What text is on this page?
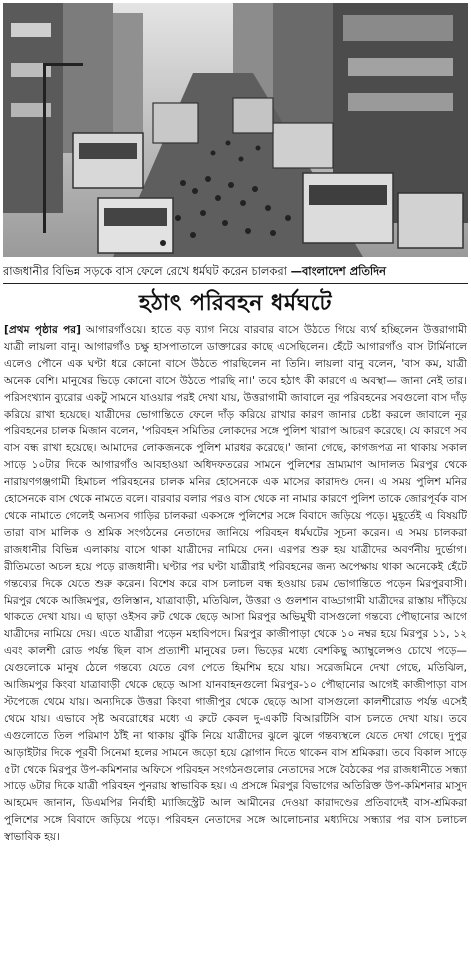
রাজধানীর বিভিন্ন সড়কে বাস ফেলে রেখে ধর্মঘট করেন চালকরা —বাংলাদেশ প্রতিদিন
হঠাৎ পরিবহন ধর্মঘটে

[প্রথম পৃষ্ঠার পর] আগারগাঁওয়ে। হাতে বড় ব্যাগ নিয়ে বারবার বাসে উঠতে গিয়ে ব্যর্থ হচ্ছিলেন উত্তরাগামী যাত্রী লায়লা বানু। আগারগাঁও চক্ষু হাসপাতালে ডাক্তারের কাছে এসেছিলেন। হেঁটে আগারগাঁও বাস টার্মিনালে এলেও পৌনে এক ঘণ্টা ধরে কোনো বাসে উঠতে পারছিলেন না তিনি। লায়লা বানু বলেন, 'বাস কম, যাত্রী অনেক বেশি। মানুষের ভিড়ে কোনো বাসে উঠতে পারছি না।' তবে হঠাৎ কী কারণে এ অবস্থা— জানা নেই তার। পরিসংখ্যান ব্যুরোর একটু সামনে যাওয়ার পরই দেখা যায়, উত্তরাগামী জাবালে নূর পরিবহনের সবগুলো বাস দাঁড় করিয়ে রাখা হয়েছে। যাত্রীদের ভোগান্তিতে ফেলে দাঁড় করিয়ে রাখার কারণ জানার চেষ্টা করলে জাবালে নূর পরিবহনের চালক মিজান বলেন, 'পরিবহন সমিতির লোকদের সঙ্গে পুলিশ খারাপ আচরণ করেছে। যে কারণে সব বাস বন্ধ রাখা হয়েছে। আমাদের লোকজনকে পুলিশ মারধর করেছে।' জানা গেছে, কাগজপত্র না থাকায় সকাল সাড়ে ১০টার দিকে আগারগাঁও আবহাওয়া অধিদফতরের সামনে পুলিশের ভ্রাম্যমাণ আদালত মিরপুর থেকে নারায়ণগঞ্জগামী হিমাচল পরিবহনের চালক মনির হোসেনকে এক মাসের কারাদণ্ড দেন। এ সময় পুলিশ মনির হোসেনকে বাস থেকে নামতে বলে। বারবার বলার পরও বাস থেকে না নামার কারণে পুলিশ তাকে জোরপূর্বক বাস থেকে নামাতে গেলেই অন্যসব গাড়ির চালকরা একসঙ্গে পুলিশের সঙ্গে বিবাদে জড়িয়ে পড়ে। মুহূর্তেই এ বিষয়টি তারা বাস মালিক ও শ্রমিক সংগঠনের নেতাদের জানিয়ে পরিবহন ধর্মঘটের সূচনা করেন। এ সময় চালকরা রাজধানীর বিভিন্ন এলাকায় বাসে থাকা যাত্রীদের নামিয়ে দেন। এরপর শুরু হয় যাত্রীদের অবর্ণনীয় দুর্ভোগ। রীতিমতো অচল হয়ে পড়ে রাজধানী। ঘণ্টার পর ঘণ্টা যাত্রীরাই পরিবহনের জন্য অপেক্ষায় থাকা অনেকেই হেঁটে গন্তব্যের দিকে যেতে শুরু করেন। বিশেষ করে বাস চলাচল বন্ধ হওয়ায় চরম ভোগান্তিতে পড়েন মিরপুরবাসী। মিরপুর থেকে আজিমপুর, গুলিস্তান, যাত্রাবাড়ী, মতিঝিল, উত্তরা ও গুলশান বাড্ডাগামী যাত্রীদের রাস্তায় দাঁড়িয়ে থাকতে দেখা যায়। এ ছাড়া ওইসব রুট থেকে ছেড়ে আসা মিরপুর অভিমুখী বাসগুলো গন্তব্যে পৌছানোর আগে যাত্রীদের নামিয়ে দেয়। এতে যাত্রীরা পড়েন মহাবিপদে। মিরপুর কাজীপাড়া থেকে ১০ নম্বর হয়ে মিরপুর ১১, ১২ এবং কালশী রোড পর্যন্ত ছিল বাস প্রত্যাশী মানুষের ঢল। ভিড়ের মধ্যে বেশকিছু অ্যাম্বুলেন্সও চোখে পড়ে— যেগুলোকে মানুষ ঠেলে গন্তব্যে যেতে বেগ পেতে হিমশিম হয়ে যায়। সরেজমিনে দেখা গেছে, মতিঝিল, আজিমপুর কিংবা যাত্রাবাড়ী থেকে ছেড়ে আসা যানবাহনগুলো মিরপুর-১০ পৌছানোর আগেই কাজীপাড়া বাস স্টপেজে থেমে যায়। অন্যদিকে উত্তরা কিংবা গাজীপুর থেকে ছেড়ে আসা বাসগুলো কালশীরোড পর্যন্ত এসেই থেমে যায়। এভাবে সৃষ্ট অবরোধের মধ্যে এ রুটে কেবল দু-একটি বিআরটিসি বাস চলতে দেখা যায়। তবে এগুলোতে তিল পরিমাণ ঠাঁই না থাকায় ঝুঁকি নিয়ে যাত্রীদের ঝুলে ঝুলে গন্তব্যস্থলে যেতে দেখা গেছে। দুপুর আড়াইটার দিকে পূরবী সিনেমা হলের সামনে জড়ো হয়ে স্লোগান দিতে থাকেন বাস শ্রমিকরা। তবে বিকাল সাড়ে ৫টা থেকে মিরপুর উপ-কমিশনার অফিসে পরিবহন সংগঠনগুলোর নেতাদের সঙ্গে বৈঠকের পর রাজধানীতে সন্ধ্যা সাড়ে ৬টার দিকে যাত্রী পরিবহন পুনরায় স্বাভাবিক হয়। এ প্রসঙ্গে মিরপুর বিভাগের অতিরিক্ত উপ-কমিশনার মাসুদ আহমেদ জানান, ডিএমপির নির্বাহী ম্যাজিস্ট্রেট আল আমীনের দেওয়া কারাদণ্ডের প্রতিবাদেই বাস-শ্রমিকরা পুলিশের সঙ্গে বিবাদে জড়িয়ে পড়ে। পরিবহন নেতাদের সঙ্গে আলোচনার মধ্যদিয়ে সন্ধ্যার পর বাস চলাচল স্বাভাবিক হয়।
